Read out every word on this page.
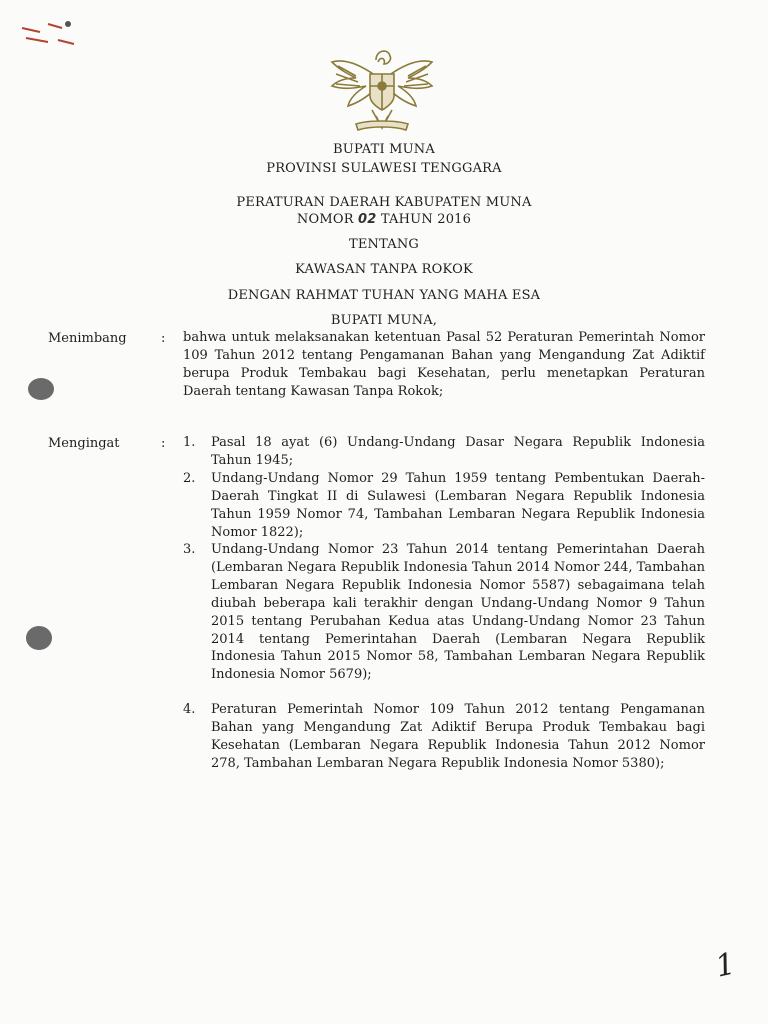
BUPATI MUNA
PROVINSI SULAWESI TENGGARA
PERATURAN DAERAH KABUPATEN MUNA
NOMOR 02 TAHUN 2016
TENTANG
KAWASAN TANPA ROKOK
DENGAN RAHMAT TUHAN YANG MAHA ESA
BUPATI MUNA,
Menimbang	: bahwa untuk melaksanakan ketentuan Pasal 52 Peraturan Pemerintah Nomor 109 Tahun 2012 tentang Pengamanan Bahan yang Mengandung Zat Adiktif berupa Produk Tembakau bagi Kesehatan, perlu menetapkan Peraturan Daerah tentang Kawasan Tanpa Rokok;
Mengingat	: 1.	Pasal 18 ayat (6) Undang-Undang Dasar Negara Republik Indonesia Tahun 1945;
2.	Undang-Undang Nomor 29 Tahun 1959 tentang Pembentukan Daerah-Daerah Tingkat II di Sulawesi (Lembaran Negara Republik Indonesia Tahun 1959 Nomor 74, Tambahan Lembaran Negara Republik Indonesia Nomor 1822);
3.	Undang-Undang Nomor 23 Tahun 2014 tentang Pemerintahan Daerah (Lembaran Negara Republik Indonesia Tahun 2014 Nomor 244, Tambahan Lembaran Negara Republik Indonesia Nomor 5587) sebagaimana telah diubah beberapa kali terakhir dengan Undang-Undang Nomor 9 Tahun 2015 tentang Perubahan Kedua atas Undang-Undang Nomor 23 Tahun 2014 tentang Pemerintahan Daerah (Lembaran Negara Republik Indonesia Tahun 2015 Nomor 58, Tambahan Lembaran Negara Republik Indonesia Nomor 5679);
4.	Peraturan Pemerintah Nomor 109 Tahun 2012 tentang Pengamanan Bahan yang Mengandung Zat Adiktif Berupa Produk Tembakau bagi Kesehatan (Lembaran Negara Republik Indonesia Tahun 2012 Nomor 278, Tambahan Lembaran Negara Republik Indonesia Nomor 5380);
1
